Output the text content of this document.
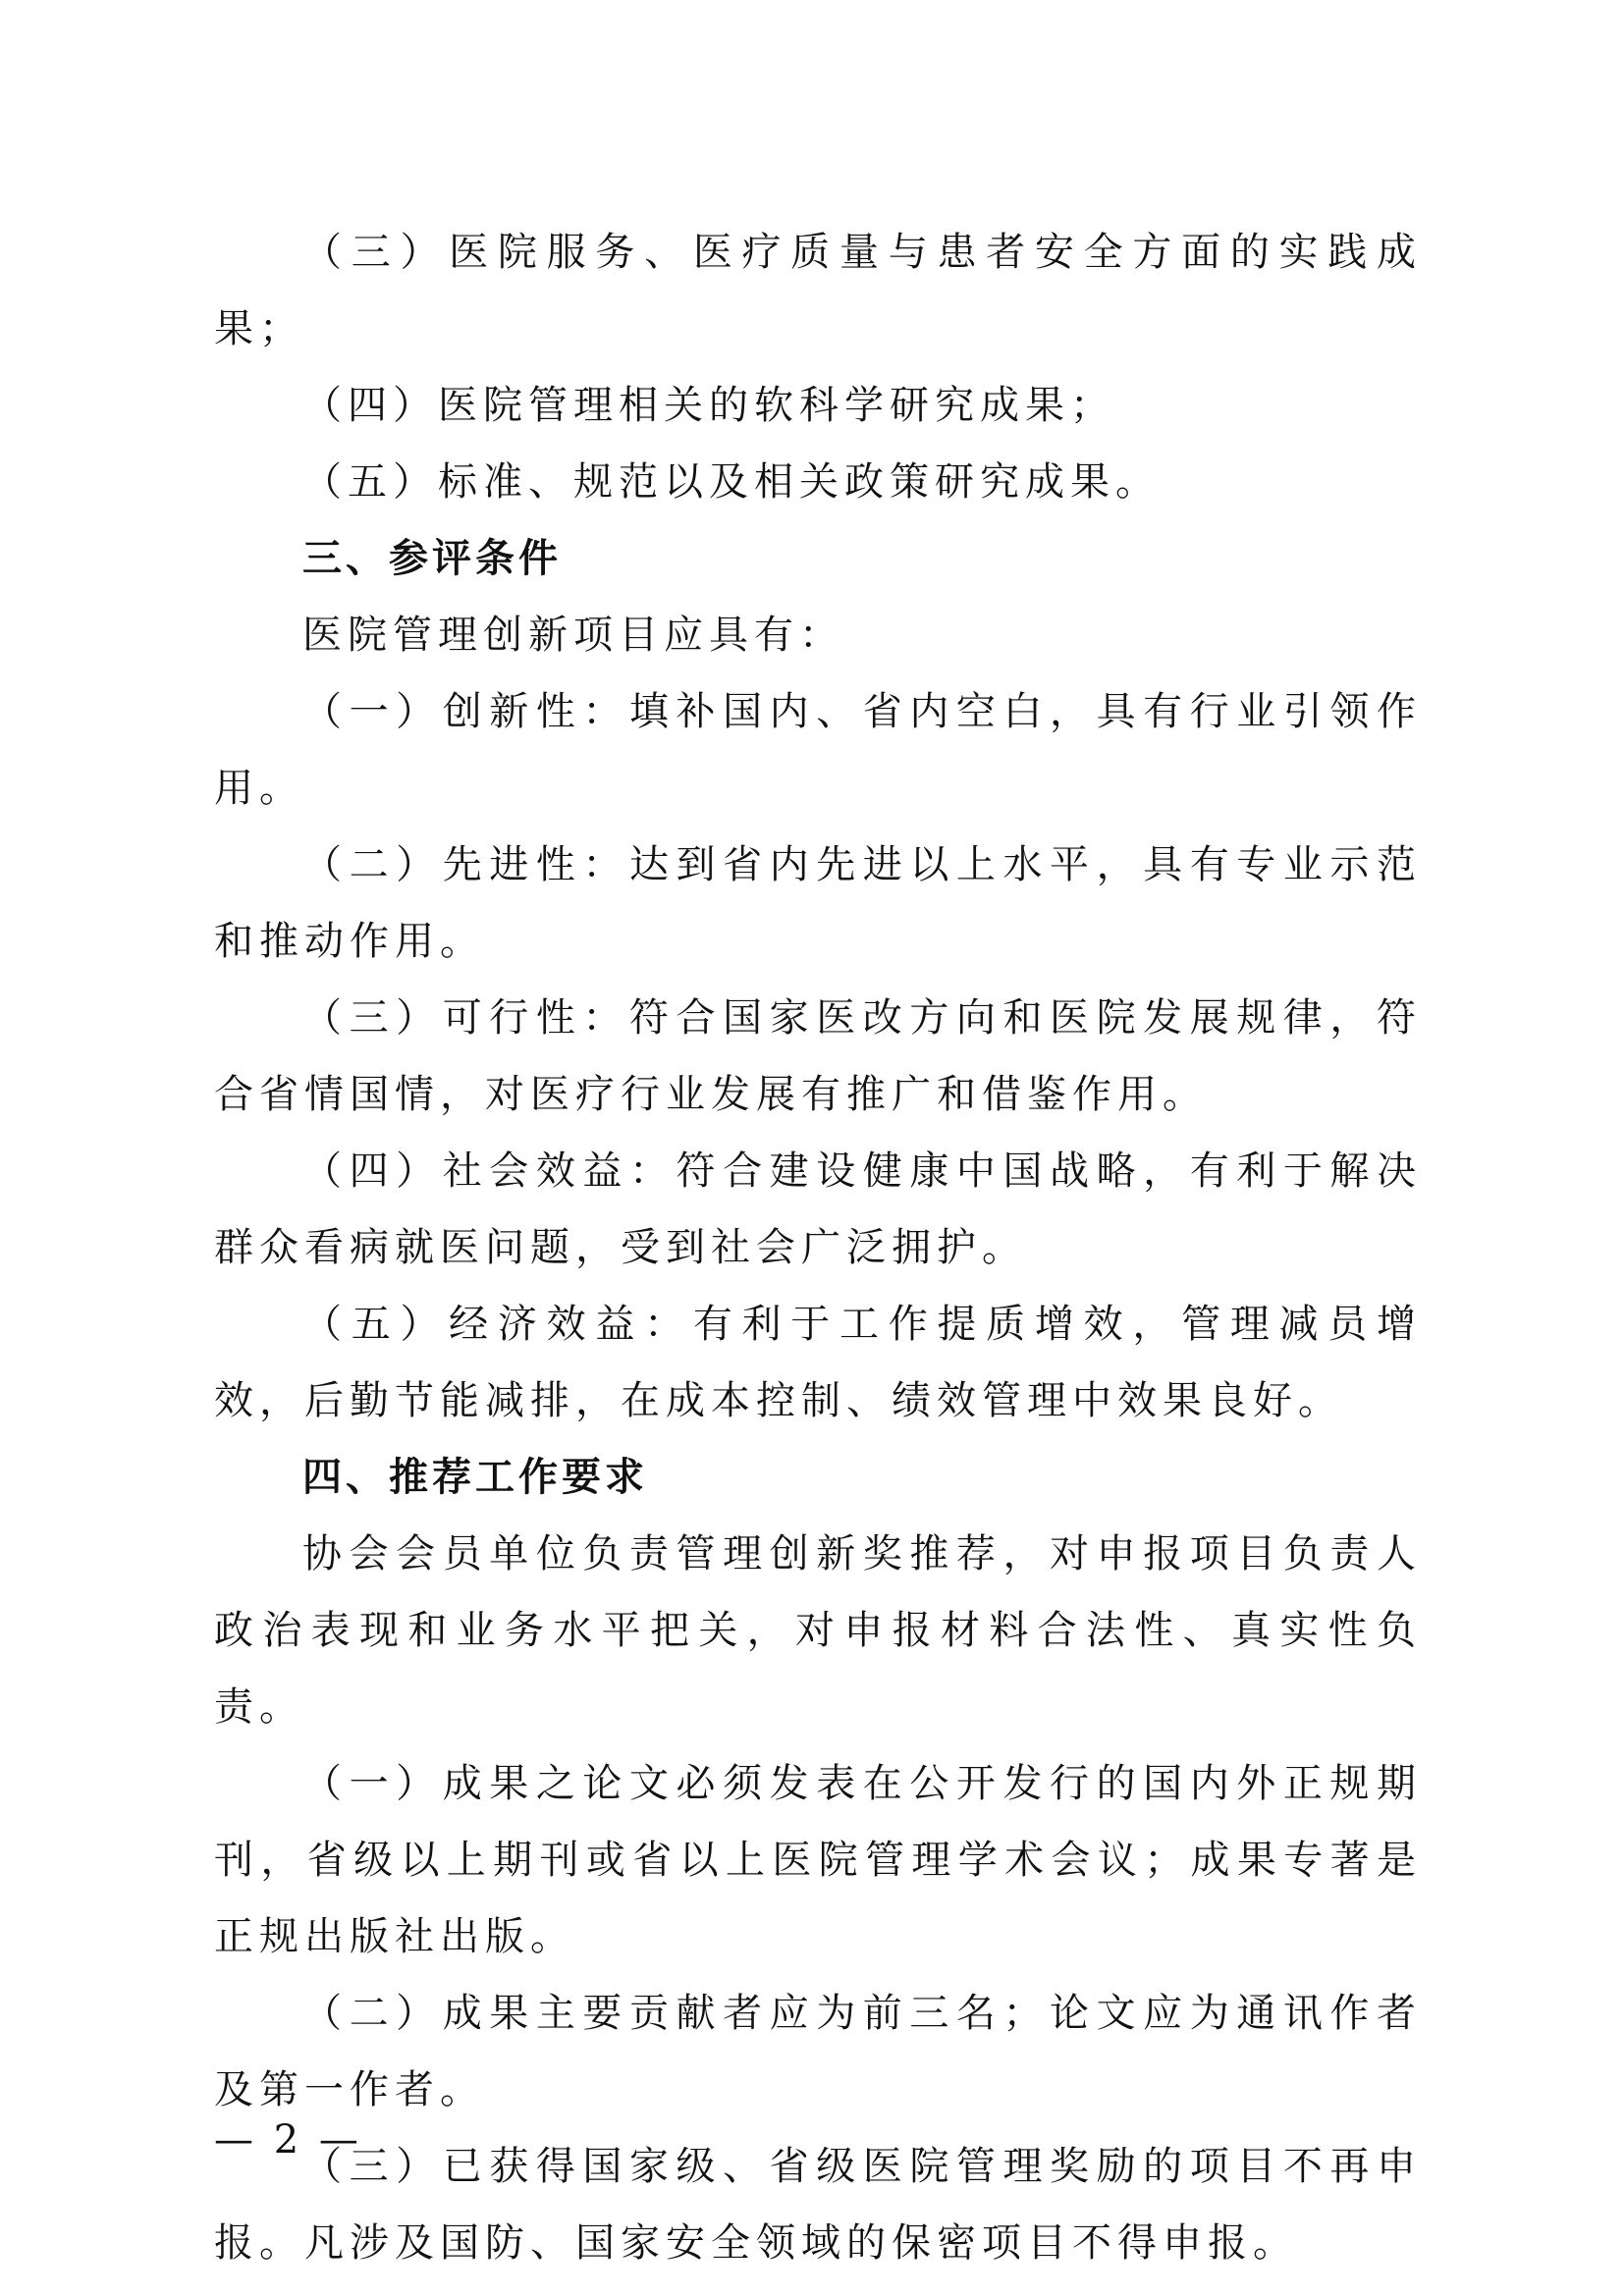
（三）医院服务、医疗质量与患者安全方面的实践成果；

（四）医院管理相关的软科学研究成果；

（五）标准、规范以及相关政策研究成果。

三、参评条件

医院管理创新项目应具有：

（一）创新性：填补国内、省内空白，具有行业引领作用。

（二）先进性：达到省内先进以上水平，具有专业示范和推动作用。

（三）可行性：符合国家医改方向和医院发展规律，符合省情国情，对医疗行业发展有推广和借鉴作用。

（四）社会效益：符合建设健康中国战略，有利于解决群众看病就医问题，受到社会广泛拥护。

（五）经济效益：有利于工作提质增效，管理减员增效，后勤节能减排，在成本控制、绩效管理中效果良好。

四、推荐工作要求

协会会员单位负责管理创新奖推荐，对申报项目负责人政治表现和业务水平把关，对申报材料合法性、真实性负责。

（一）成果之论文必须发表在公开发行的国内外正规期刊，省级以上期刊或省以上医院管理学术会议；成果专著是正规出版社出版。

（二）成果主要贡献者应为前三名；论文应为通讯作者及第一作者。

（三）已获得国家级、省级医院管理奖励的项目不再申报。凡涉及国防、国家安全领域的保密项目不得申报。

— 2 —
